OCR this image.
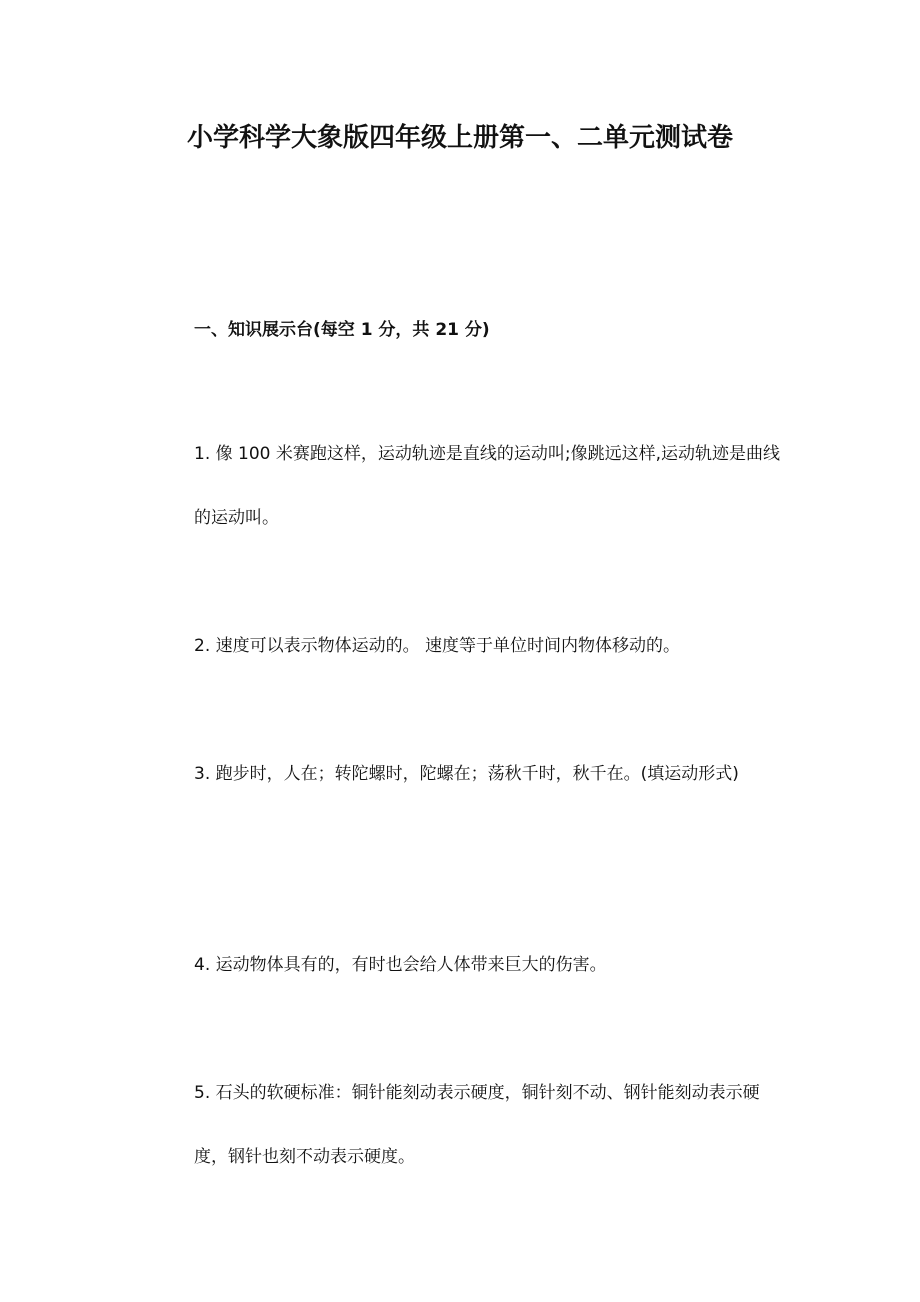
小学科学大象版四年级上册第一、二单元测试卷
一、知识展示台(每空 1 分，共 21 分)

1. 像 100 米赛跑这样，运动轨迹是直线的运动叫;像跳远这样,运动轨迹是曲线的运动叫。

2. 速度可以表示物体运动的。 速度等于单位时间内物体移动的。

3. 跑步时，人在；转陀螺时，陀螺在；荡秋千时，秋千在。(填运动形式)

4. 运动物体具有的，有时也会给人体带来巨大的伤害。

5. 石头的软硬标准：铜针能刻动表示硬度，铜针刻不动、钢针能刻动表示硬度，钢针也刻不动表示硬度。
